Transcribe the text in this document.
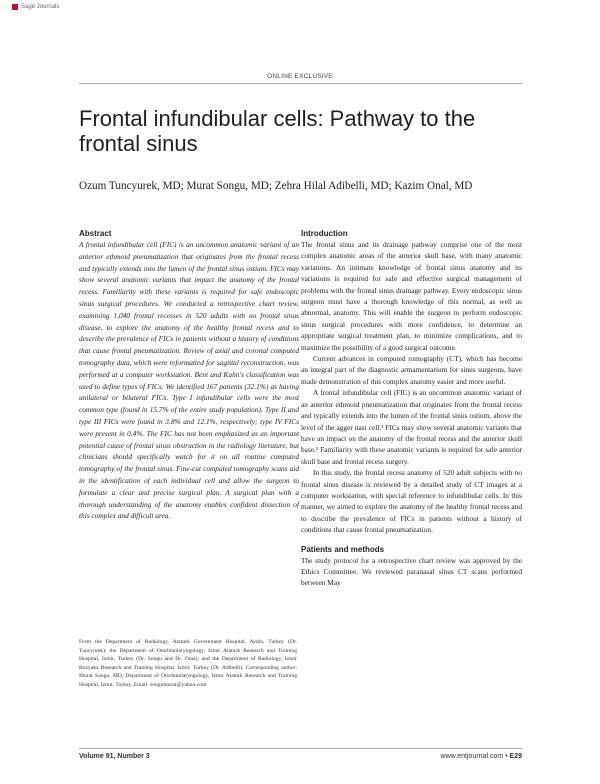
Sage Journals
ONLINE EXCLUSIVE
Frontal infundibular cells: Pathway to the frontal sinus
Ozum Tuncyurek, MD; Murat Songu, MD; Zehra Hilal Adibelli, MD; Kazim Onal, MD
Abstract
A frontal infundibular cell (FIC) is an uncommon anatomic variant of an anterior ethmoid pneumatization that originates from the frontal recess and typically extends into the lumen of the frontal sinus ostium. FICs may show several anatomic variants that impact the anatomy of the frontal recess. Familiarity with these variants is required for safe endoscopic sinus surgical procedures. We conducted a retrospective chart review, examining 1,040 frontal recesses in 520 adults with no frontal sinus disease, to explore the anatomy of the healthy frontal recess and to describe the prevalence of FICs in patients without a history of conditions that cause frontal pneumatization. Review of axial and coronal computed tomography data, which were reformatted for sagittal reconstruction, was performed at a computer workstation. Bent and Kuhn's classification was used to define types of FICs. We identified 167 patients (32.1%) as having unilateral or bilateral FICs. Type I infundibular cells were the most common type (found in 15.7% of the entire study population). Type II and type III FICs were found in 3.8% and 12.1%, respectively; type IV FICs were present in 0.4%. The FIC has not been emphasized as an important potential cause of frontal sinus obstruction in the radiology literature, but clinicians should specifically watch for it on all routine computed tomography of the frontal sinus. Fine-cut computed tomography scans aid in the identification of each individual cell and allow the surgeon to formulate a clear and precise surgical plan. A surgical plan with a thorough understanding of the anatomy enables confident dissection of this complex and difficult area.
From the Department of Radiology, Ataturk Government Hospital, Aydin, Turkey (Dr. Tuncyurek); the Department of Otorhinolaryngology, Izmir Ataturk Research and Training Hospital, Izmir, Turkey (Dr. Songu and Dr. Onal); and the Department of Radiology, Izmir Bozyaka Research and Training Hospital, Izmir, Turkey (Dr. Adibelli). Corresponding author: Murat Songu, MD, Department of Otorhinolaryngology, Izmir Ataturk Research and Training Hospital, Izmir, Turkey. Email: songumurat@yahoo.com
Introduction

The frontal sinus and its drainage pathway comprise one of the most complex anatomic areas of the anterior skull base, with many anatomic variations. An intimate knowledge of frontal sinus anatomy and its variations is required for safe and effective surgical management of problems with the frontal sinus drainage pathway. Every endoscopic sinus surgeon must have a thorough knowledge of this normal, as well as abnormal, anatomy. This will enable the surgeon to perform endoscopic sinus surgical procedures with more confidence, to determine an appropriate surgical treatment plan, to minimize complications, and to maximize the possibility of a good surgical outcome.

Current advances in computed tomography (CT), which has become an integral part of the diagnostic armamentarium for sinus surgeons, have made demonstration of this complex anatomy easier and more useful.

A frontal infundibular cell (FIC) is an uncommon anatomic variant of an anterior ethmoid pneumatization that originates from the frontal recess and typically extends into the lumen of the frontal sinus ostium, above the level of the agger nasi cell.¹ FICs may show several anatomic variants that have an impact on the anatomy of the frontal recess and the anterior skull base.² Familiarity with these anatomic variants is required for safe anterior skull base and frontal recess surgery.

In this study, the frontal recess anatomy of 520 adult subjects with no frontal sinus disease is reviewed by a detailed study of CT images at a computer workstation, with special reference to infundibular cells. In this manner, we aimed to explore the anatomy of the healthy frontal recess and to describe the prevalence of FICs in patients without a history of conditions that cause frontal pneumatization.

Patients and methods

The study protocol for a retrospective chart review was approved by the Ethics Committee. We reviewed paranasal sinus CT scans performed between May

Volume 91, Number 3	www.entjournal.com • E29
